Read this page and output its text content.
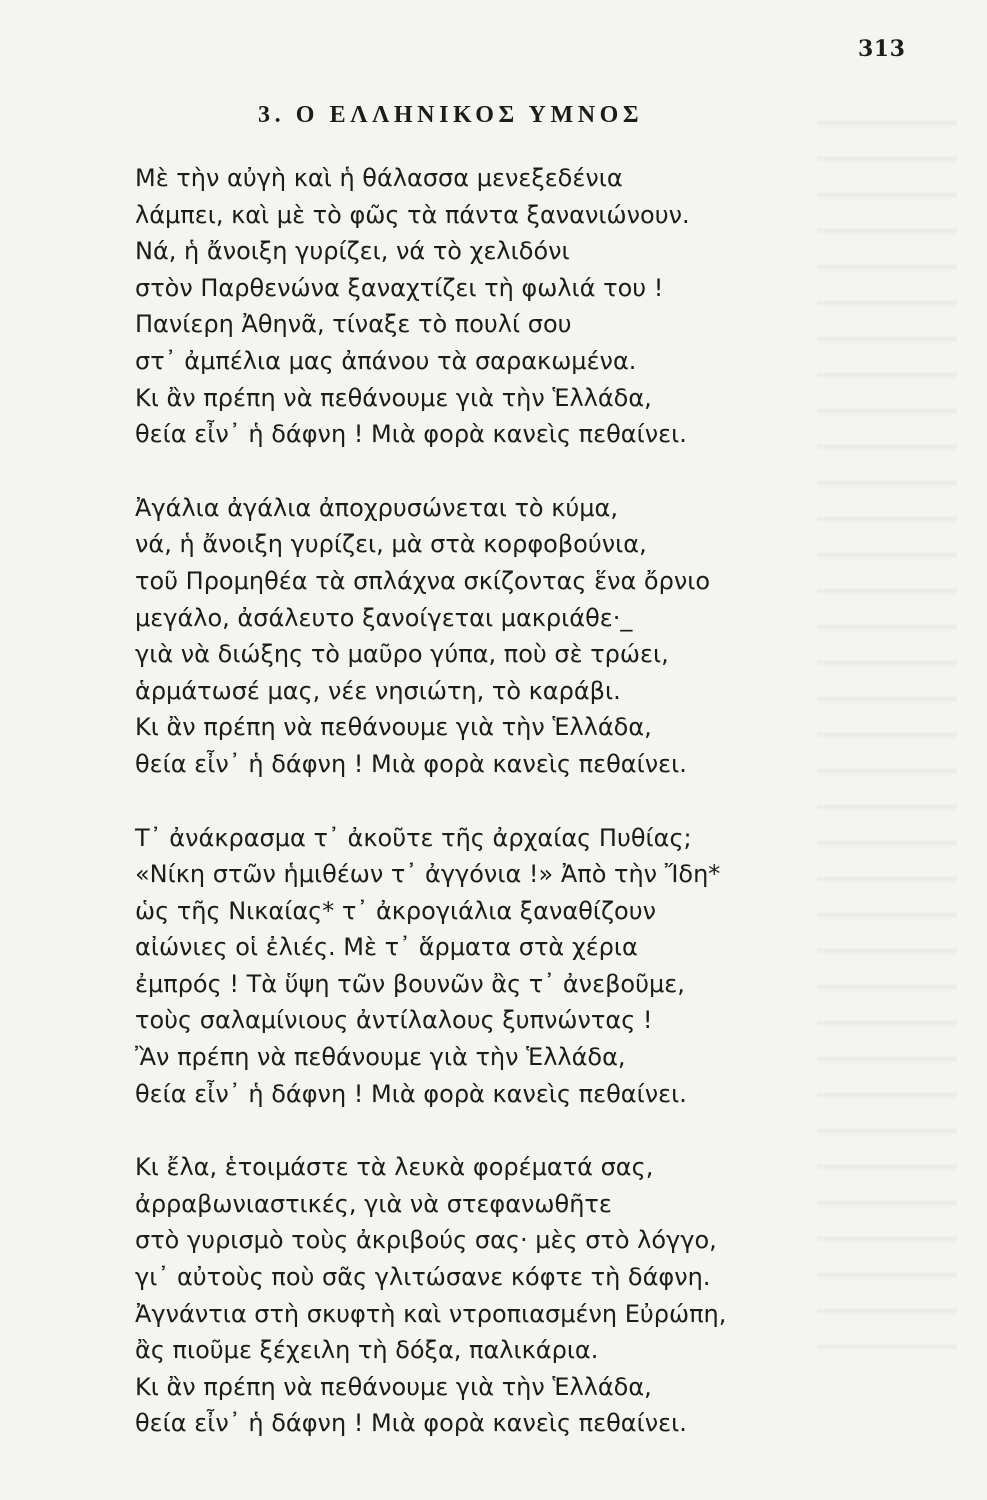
313
3. Ο ΕΛΛΗΝΙΚΟΣ ΥΜΝΟΣ
Μὲ τὴν αὐγὴ καὶ ἡ θάλασσα μενεξεδένια
λάμπει, καὶ μὲ τὸ φῶς τὰ πάντα ξανανιώνουν.
Νά, ἡ ἄνοιξη γυρίζει, νά τὸ χελιδόνι
στὸν Παρθενώνα ξαναχτίζει τὴ φωλιά του !
Πανίερη Ἀθηνᾶ, τίναξε τὸ πουλί σου
στ᾿ ἀμπέλια μας ἀπάνου τὰ σαρακωμένα.
Κι ἂν πρέπη νὰ πεθάνουμε γιὰ τὴν Ἑλλάδα,
θεία εἶν᾿ ἡ δάφνη ! Μιὰ φορὰ κανεὶς πεθαίνει.
Ἀγάλια ἀγάλια ἀποχρυσώνεται τὸ κύμα,
νά, ἡ ἄνοιξη γυρίζει, μὰ στὰ κορφοβούνια,
τοῦ Προμηθέα τὰ σπλάχνα σκίζοντας ἕνα ὄρνιο
μεγάλο, ἀσάλευτο ξανοίγεται μακριάθε·_
γιὰ νὰ διώξης τὸ μαῦρο γύπα, ποὺ σὲ τρώει,
ἁρμάτωσέ μας, νέε νησιώτη, τὸ καράβι.
Κι ἂν πρέπη νὰ πεθάνουμε γιὰ τὴν Ἑλλάδα,
θεία εἶν᾿ ἡ δάφνη ! Μιὰ φορὰ κανεὶς πεθαίνει.
Τ᾿ ἀνάκρασμα τ᾿ ἀκοῦτε τῆς ἀρχαίας Πυθίας;
«Νίκη στῶν ἡμιθέων τ᾿ ἀγγόνια !» Ἀπὸ τὴν Ἴδη*
ὡς τῆς Νικαίας* τ᾿ ἀκρογιάλια ξαναθίζουν
αἰώνιες οἱ ἐλιές. Μὲ τ᾿ ἅρματα στὰ χέρια
ἐμπρός ! Τὰ ὕψη τῶν βουνῶν ἂς τ᾿ ἀνεβοῦμε,
τοὺς σαλαμίνιους ἀντίλαλους ξυπνώντας !
Ἂν πρέπη νὰ πεθάνουμε γιὰ τὴν Ἑλλάδα,
θεία εἶν᾿ ἡ δάφνη ! Μιὰ φορὰ κανεὶς πεθαίνει.
Κι ἔλα, ἑτοιμάστε τὰ λευκὰ φορέματά σας,
ἀρραβωνιαστικές, γιὰ νὰ στεφανωθῆτε
στὸ γυρισμὸ τοὺς ἀκριβούς σας· μὲς στὸ λόγγο,
γι᾿ αὐτοὺς ποὺ σᾶς γλιτώσανε κόφτε τὴ δάφνη.
Ἀγνάντια στὴ σκυφτὴ καὶ ντροπιασμένη Εὐρώπη,
ἂς πιοῦμε ξέχειλη τὴ δόξα, παλικάρια.
Κι ἂν πρέπη νὰ πεθάνουμε γιὰ τὴν Ἑλλάδα,
θεία εἶν᾿ ἡ δάφνη ! Μιὰ φορὰ κανεὶς πεθαίνει.
